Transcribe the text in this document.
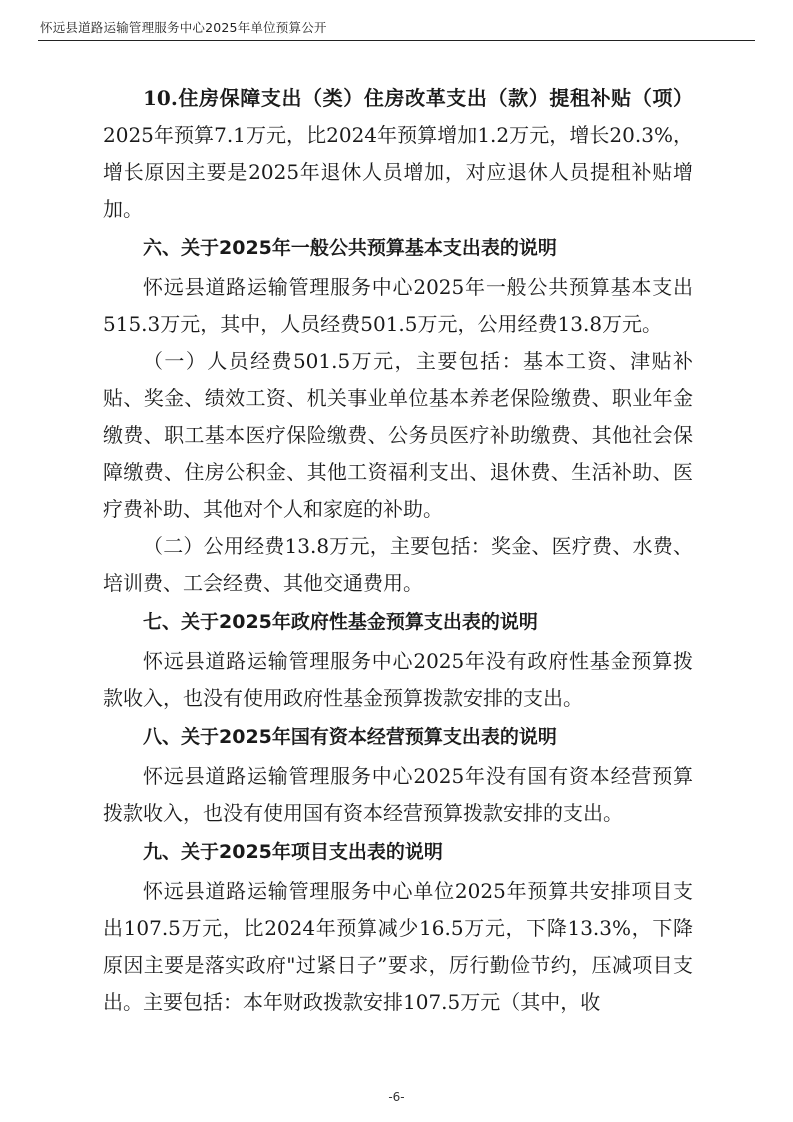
怀远县道路运输管理服务中心2025年单位预算公开

10.住房保障支出（类）住房改革支出（款）提租补贴（项）2025年预算7.1万元，比2024年预算增加1.2万元，增长20.3%，增长原因主要是2025年退休人员增加，对应退休人员提租补贴增加。

六、关于2025年一般公共预算基本支出表的说明

怀远县道路运输管理服务中心2025年一般公共预算基本支出515.3万元，其中，人员经费501.5万元，公用经费13.8万元。

（一）人员经费501.5万元，主要包括：基本工资、津贴补贴、奖金、绩效工资、机关事业单位基本养老保险缴费、职业年金缴费、职工基本医疗保险缴费、公务员医疗补助缴费、其他社会保障缴费、住房公积金、其他工资福利支出、退休费、生活补助、医疗费补助、其他对个人和家庭的补助。

（二）公用经费13.8万元，主要包括：奖金、医疗费、水费、培训费、工会经费、其他交通费用。

七、关于2025年政府性基金预算支出表的说明

怀远县道路运输管理服务中心2025年没有政府性基金预算拨款收入，也没有使用政府性基金预算拨款安排的支出。

八、关于2025年国有资本经营预算支出表的说明

怀远县道路运输管理服务中心2025年没有国有资本经营预算拨款收入，也没有使用国有资本经营预算拨款安排的支出。

九、关于2025年项目支出表的说明

怀远县道路运输管理服务中心单位2025年预算共安排项目支出107.5万元，比2024年预算减少16.5万元，下降13.3%，下降原因主要是落实政府"过紧日子”要求，厉行勤俭节约，压减项目支出。主要包括：本年财政拨款安排107.5万元（其中，收

-6-
